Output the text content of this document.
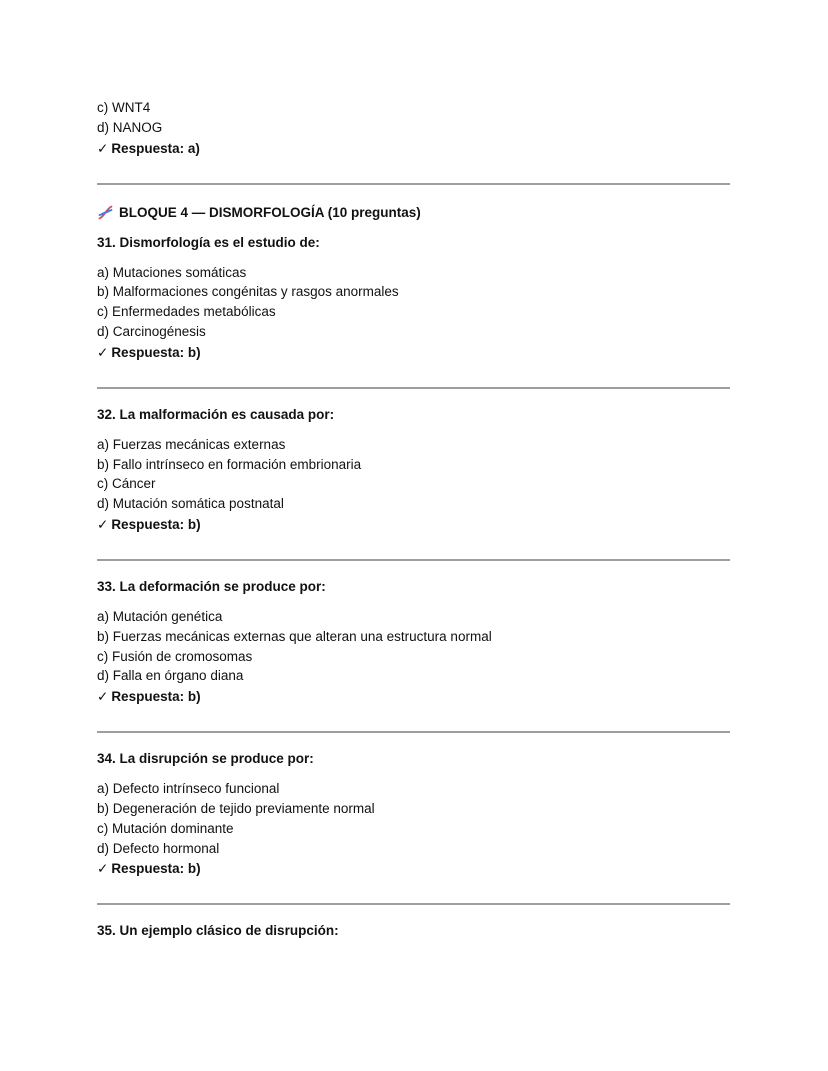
c) WNT4
d) NANOG
✓ Respuesta: a)
BLOQUE 4 — DISMORFOLOGÍA (10 preguntas)
31. Dismorfología es el estudio de:
a) Mutaciones somáticas
b) Malformaciones congénitas y rasgos anormales
c) Enfermedades metabólicas
d) Carcinogénesis
✓ Respuesta: b)
32. La malformación es causada por:
a) Fuerzas mecánicas externas
b) Fallo intrínseco en formación embrionaria
c) Cáncer
d) Mutación somática postnatal
✓ Respuesta: b)
33. La deformación se produce por:
a) Mutación genética
b) Fuerzas mecánicas externas que alteran una estructura normal
c) Fusión de cromosomas
d) Falla en órgano diana
✓ Respuesta: b)
34. La disrupción se produce por:
a) Defecto intrínseco funcional
b) Degeneración de tejido previamente normal
c) Mutación dominante
d) Defecto hormonal
✓ Respuesta: b)
35. Un ejemplo clásico de disrupción:
